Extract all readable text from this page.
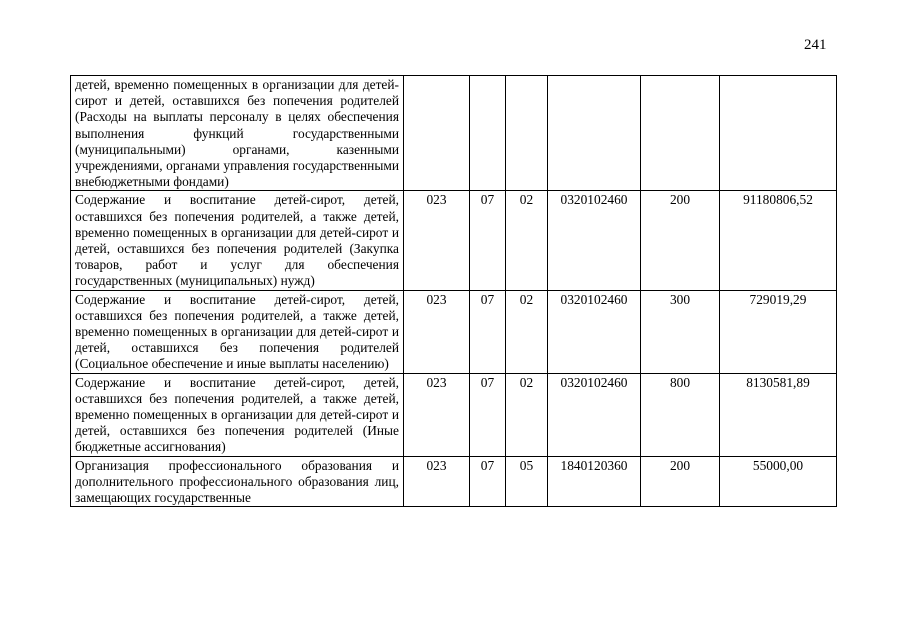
241
детей, временно помещенных в организации для детей-сирот и детей, оставшихся без попечения родителей (Расходы на выплаты персоналу в целях обеспечения выполнения функций государственными (муниципальными) органами, казенными учреждениями, органами управления государственными внебюджетными фондами)						
Содержание и воспитание детей-сирот, детей, оставшихся без попечения родителей, а также детей, временно помещенных в организации для детей-сирот и детей, оставшихся без попечения родителей (Закупка товаров, работ и услуг для обеспечения государственных (муниципальных) нужд)	023	07	02	0320102460	200	91180806,52
Содержание и воспитание детей-сирот, детей, оставшихся без попечения родителей, а также детей, временно помещенных в организации для детей-сирот и детей, оставшихся без попечения родителей (Социальное обеспечение и иные выплаты населению)	023	07	02	0320102460	300	729019,29
Содержание и воспитание детей-сирот, детей, оставшихся без попечения родителей, а также детей, временно помещенных в организации для детей-сирот и детей, оставшихся без попечения родителей (Иные бюджетные ассигнования)	023	07	02	0320102460	800	8130581,89
Организация профессионального образования и дополнительного профессионального образования лиц, замещающих государственные	023	07	05	1840120360	200	55000,00
